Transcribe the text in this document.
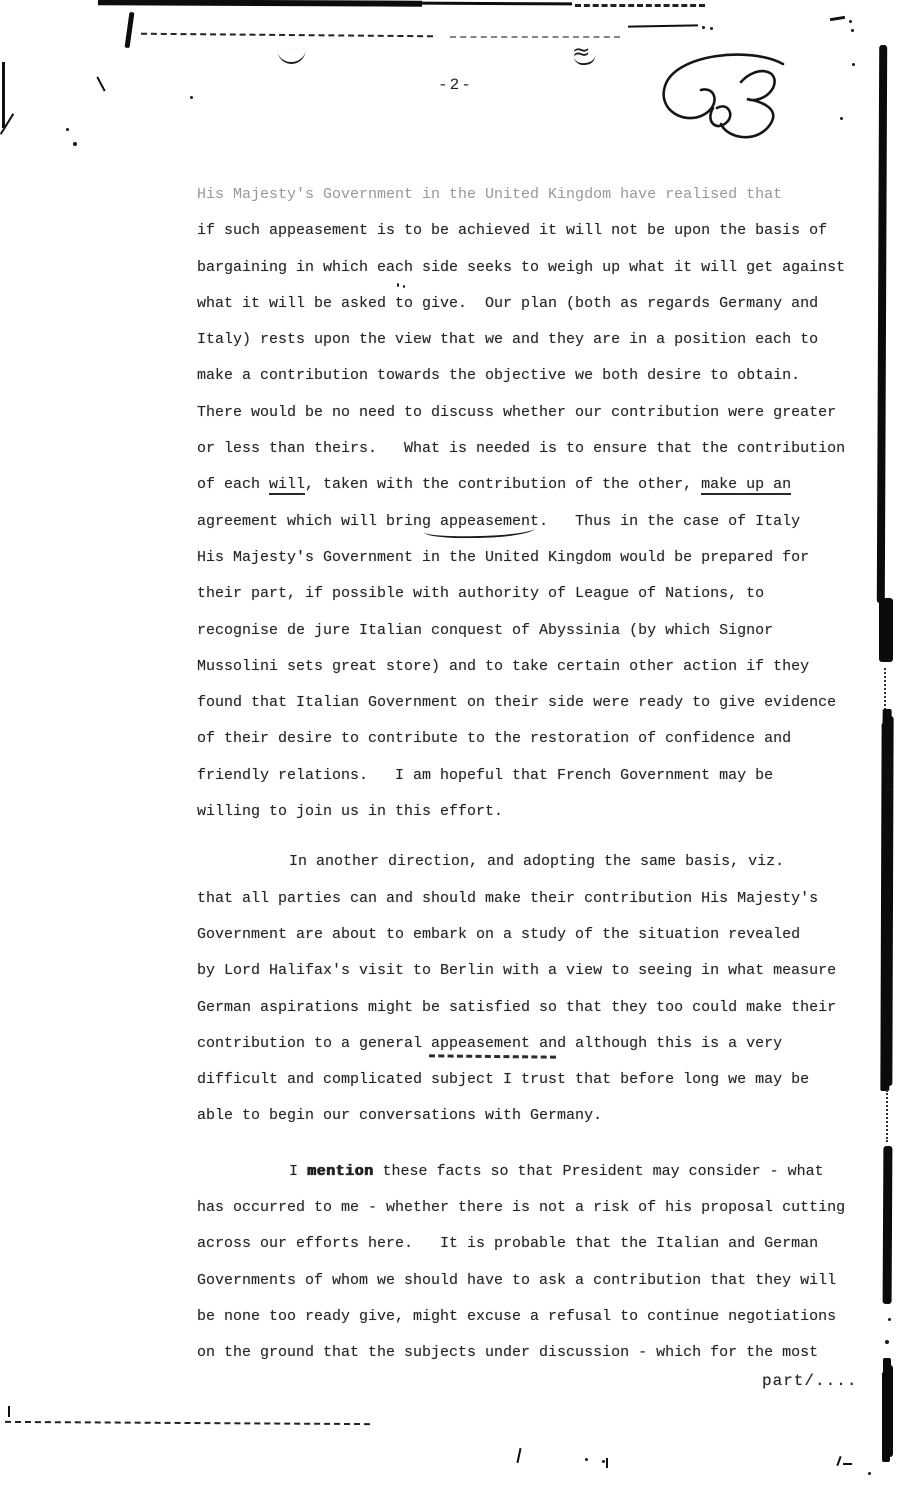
≈
-2-
His Majesty's Government in the United Kingdom have realised that
if such appeasement is to be achieved it will not be upon the basis of
bargaining in which each side seeks to weigh up what it will get against
what it will be asked to give.  Our plan (both as regards Germany and
Italy) rests upon the view that we and they are in a position each to
make a contribution towards the objective we both desire to obtain.
There would be no need to discuss whether our contribution were greater
or less than theirs.   What is needed is to ensure that the contribution
of each will, taken with the contribution of the other, make up an
agreement which will bring appeasement.   Thus in the case of Italy
His Majesty's Government in the United Kingdom would be prepared for
their part, if possible with authority of League of Nations, to
recognise de jure Italian conquest of Abyssinia (by which Signor
Mussolini sets great store) and to take certain other action if they
found that Italian Government on their side were ready to give evidence
of their desire to contribute to the restoration of confidence and
friendly relations.   I am hopeful that French Government may be
willing to join us in this effort.
In another direction, and adopting the same basis, viz.
that all parties can and should make their contribution His Majesty's
Government are about to embark on a study of the situation revealed
by Lord Halifax's visit to Berlin with a view to seeing in what measure
German aspirations might be satisfied so that they too could make their
contribution to a general appeasement and although this is a very
difficult and complicated subject I trust that before long we may be
able to begin our conversations with Germany.
I mention these facts so that President may consider - what
has occurred to me - whether there is not a risk of his proposal cutting
across our efforts here.   It is probable that the Italian and German
Governments of whom we should have to ask a contribution that they will
be none too ready give, might excuse a refusal to continue negotiations
on the ground that the subjects under discussion - which for the most
part/....
